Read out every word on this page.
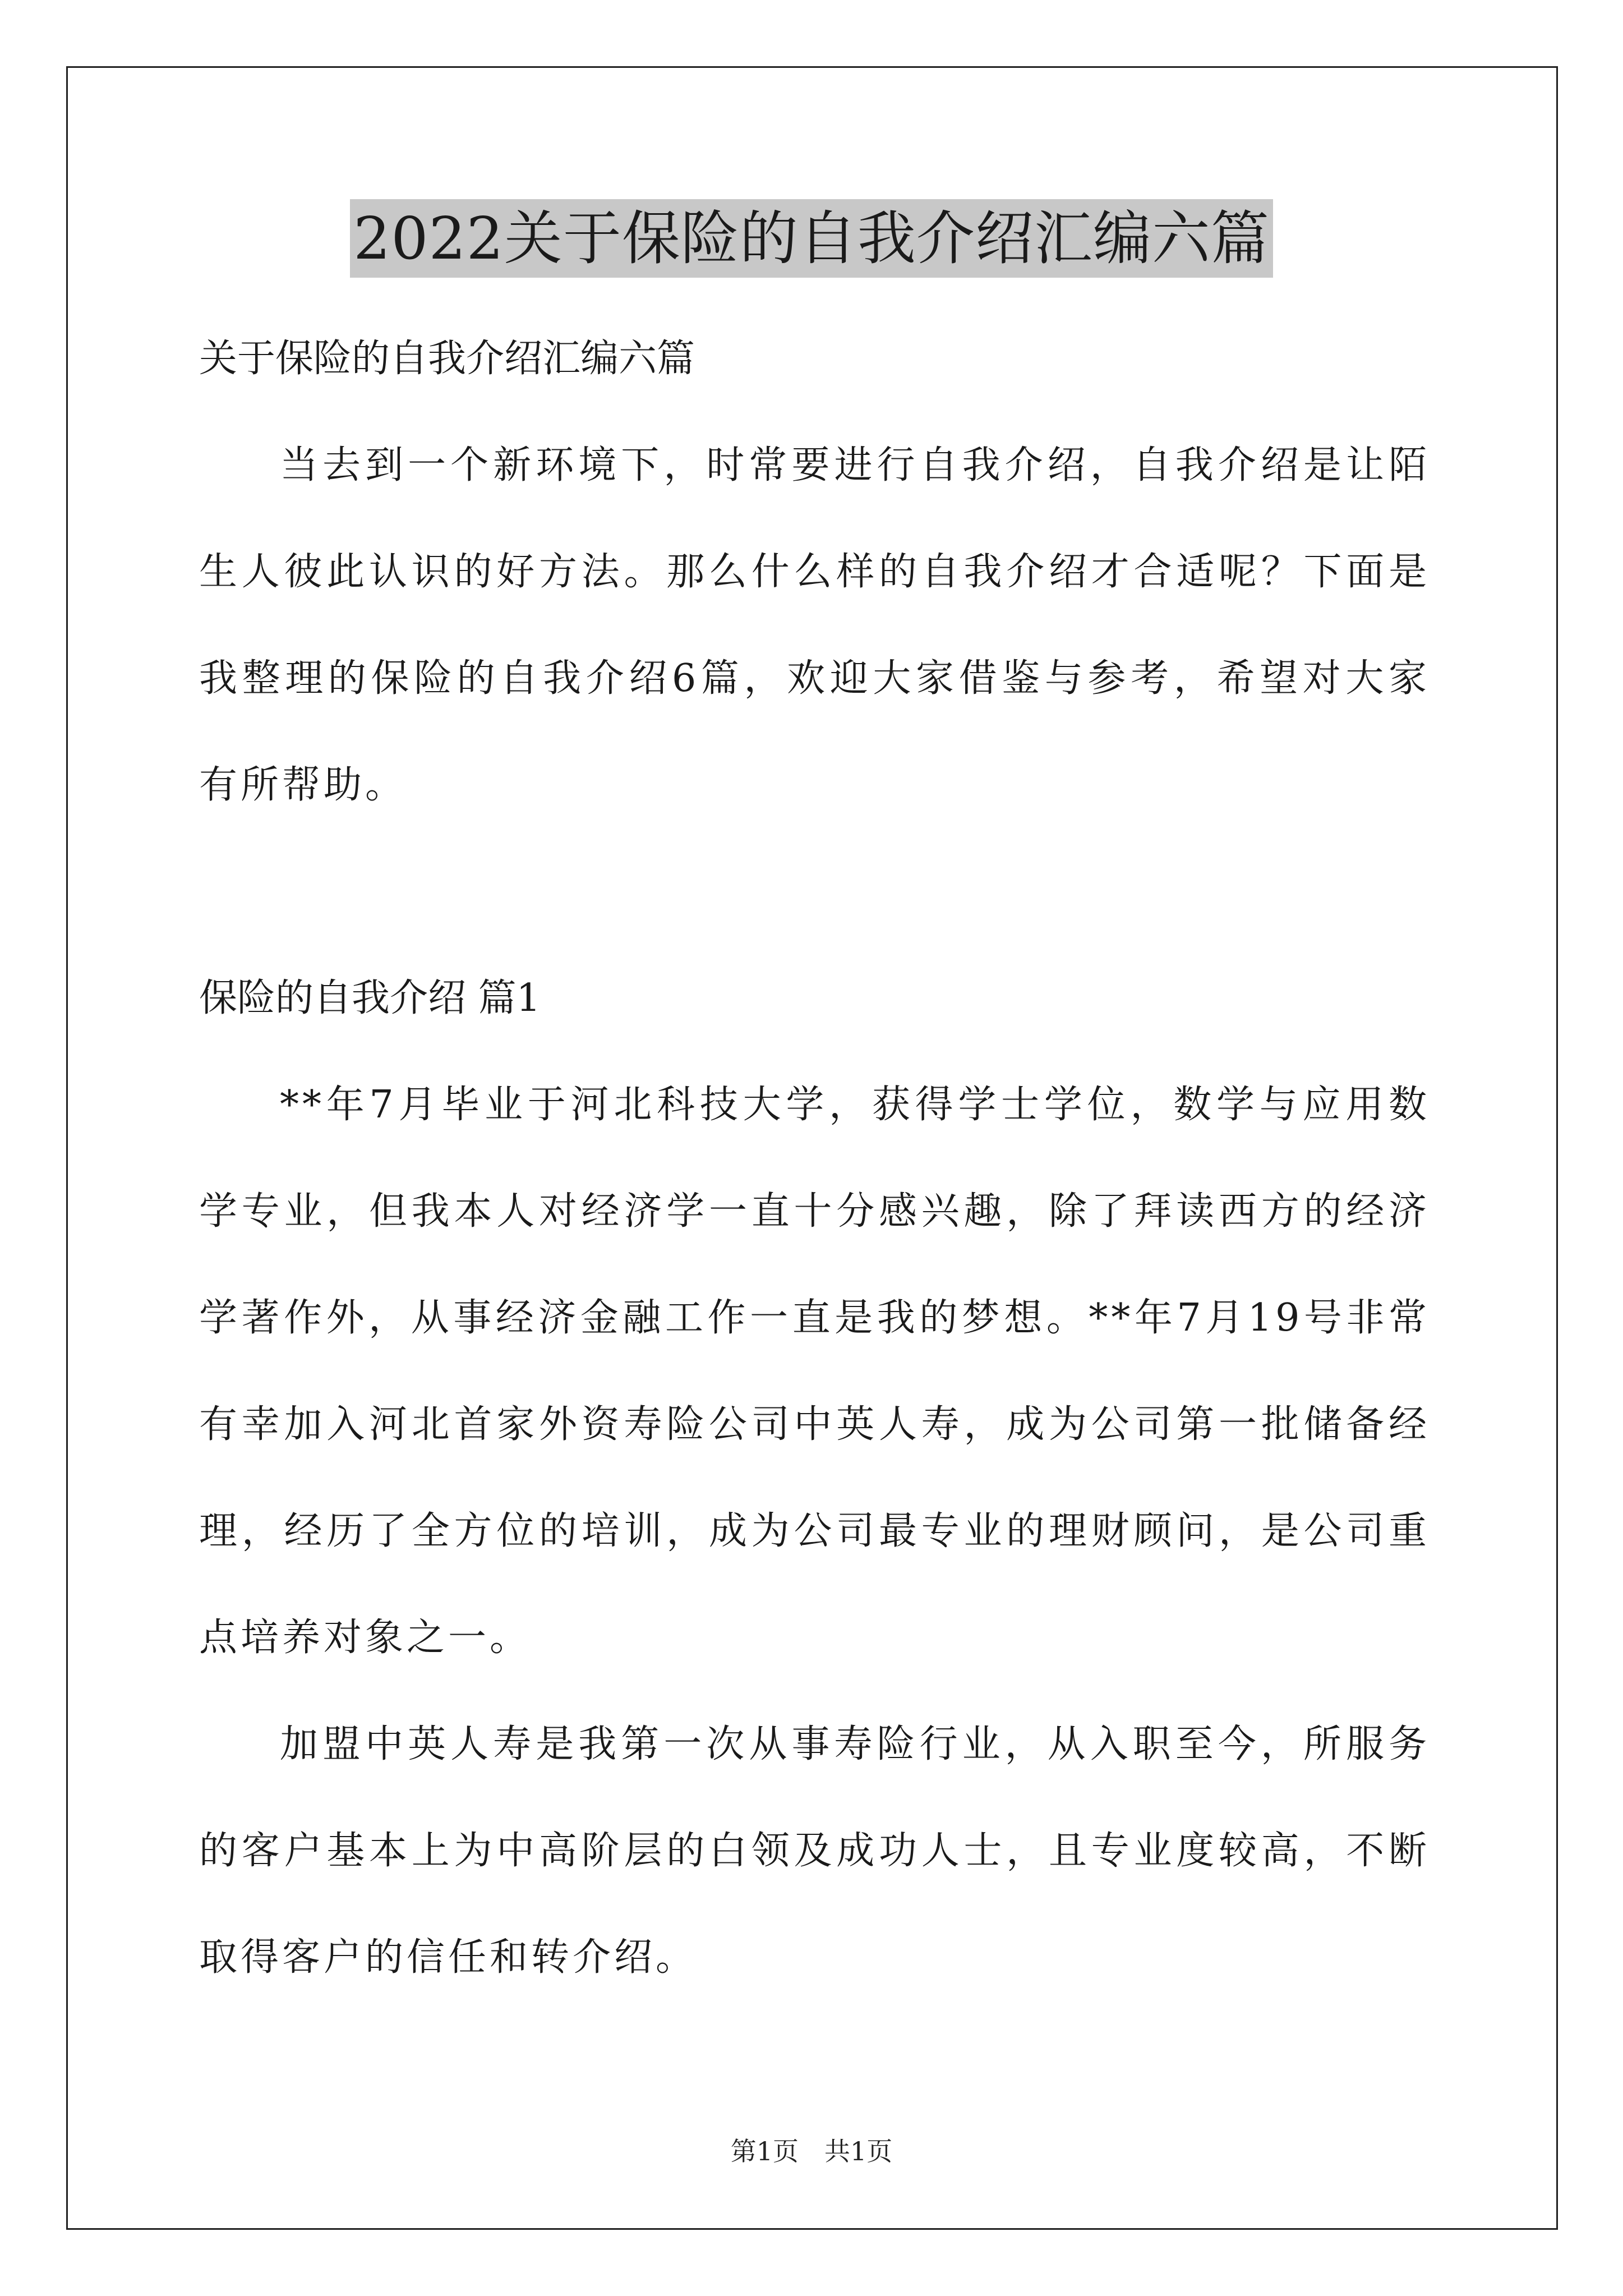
2022关于保险的自我介绍汇编六篇

关于保险的自我介绍汇编六篇

当去到一个新环境下，时常要进行自我介绍，自我介绍是让陌生人彼此认识的好方法。那么什么样的自我介绍才合适呢？下面是我整理的保险的自我介绍6篇，欢迎大家借鉴与参考，希望对大家有所帮助。

保险的自我介绍 篇1

**年7月毕业于河北科技大学，获得学士学位，数学与应用数学专业，但我本人对经济学一直十分感兴趣，除了拜读西方的经济学著作外，从事经济金融工作一直是我的梦想。**年7月19号非常有幸加入河北首家外资寿险公司中英人寿，成为公司第一批储备经理，经历了全方位的培训，成为公司最专业的理财顾问，是公司重点培养对象之一。

加盟中英人寿是我第一次从事寿险行业，从入职至今，所服务的客户基本上为中高阶层的白领及成功人士，且专业度较高，不断取得客户的信任和转介绍。

第1页　共1页
